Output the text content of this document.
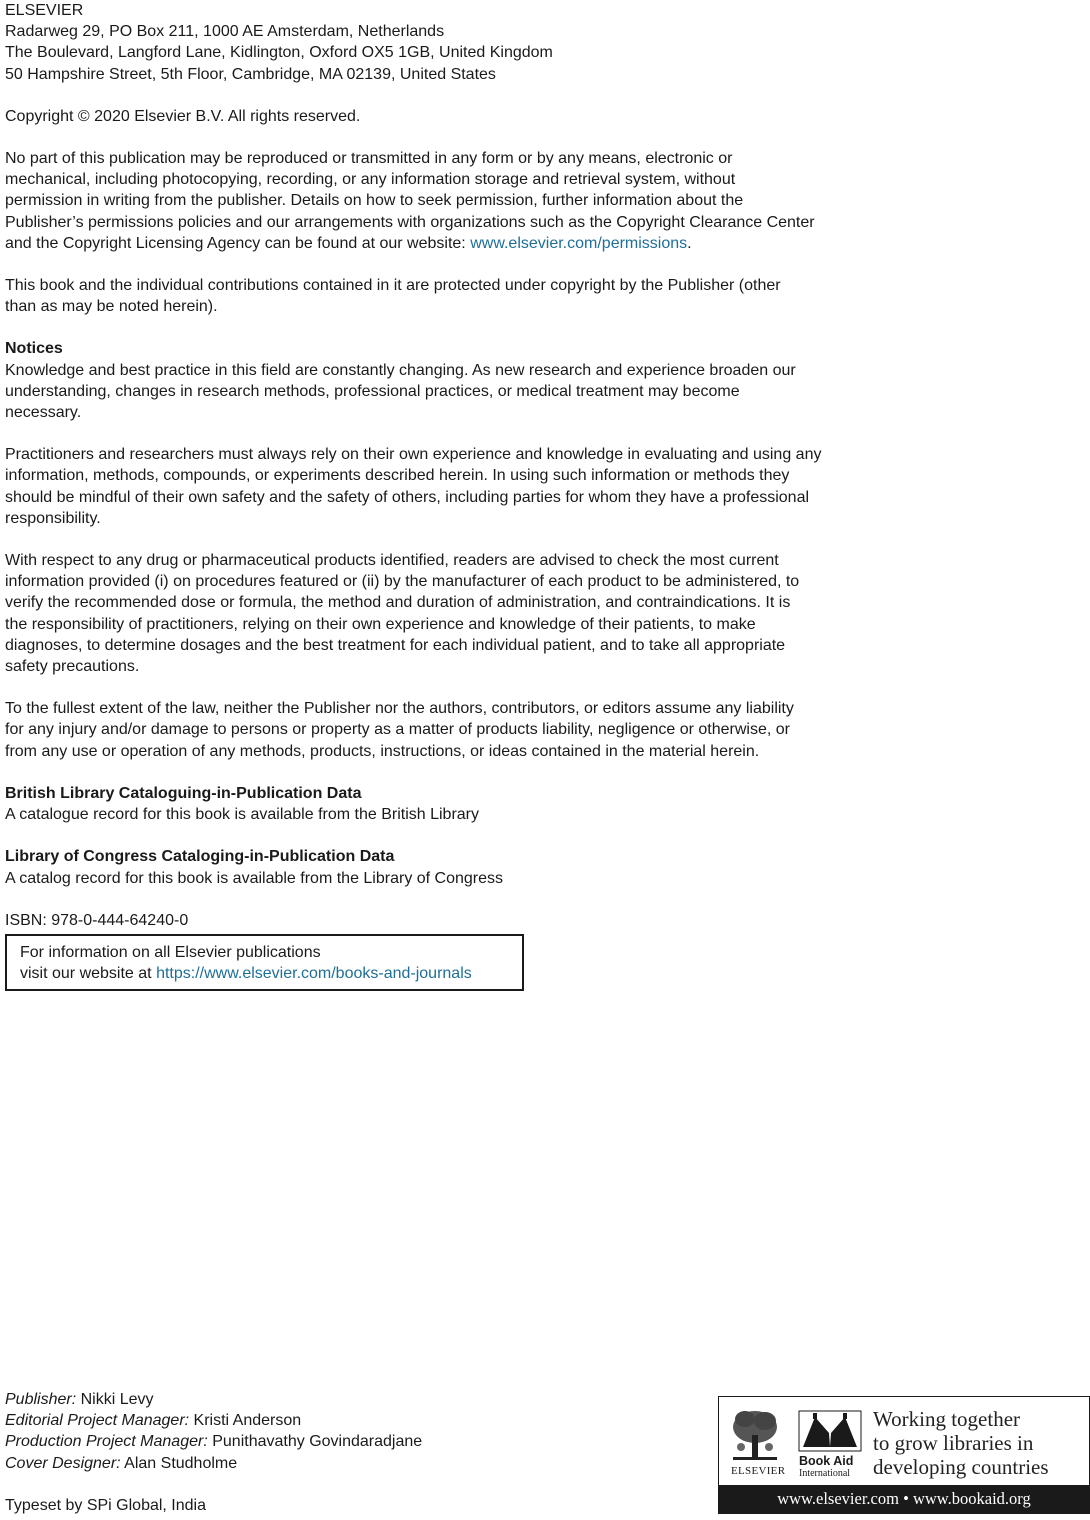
ELSEVIER
Radarweg 29, PO Box 211, 1000 AE Amsterdam, Netherlands
The Boulevard, Langford Lane, Kidlington, Oxford OX5 1GB, United Kingdom
50 Hampshire Street, 5th Floor, Cambridge, MA 02139, United States
Copyright © 2020 Elsevier B.V. All rights reserved.
No part of this publication may be reproduced or transmitted in any form or by any means, electronic or
mechanical, including photocopying, recording, or any information storage and retrieval system, without
permission in writing from the publisher. Details on how to seek permission, further information about the
Publisher’s permissions policies and our arrangements with organizations such as the Copyright Clearance Center
and the Copyright Licensing Agency can be found at our website: www.elsevier.com/permissions.
This book and the individual contributions contained in it are protected under copyright by the Publisher (other
than as may be noted herein).
Notices
Knowledge and best practice in this field are constantly changing. As new research and experience broaden our
understanding, changes in research methods, professional practices, or medical treatment may become
necessary.
Practitioners and researchers must always rely on their own experience and knowledge in evaluating and using any
information, methods, compounds, or experiments described herein. In using such information or methods they
should be mindful of their own safety and the safety of others, including parties for whom they have a professional
responsibility.
With respect to any drug or pharmaceutical products identified, readers are advised to check the most current
information provided (i) on procedures featured or (ii) by the manufacturer of each product to be administered, to
verify the recommended dose or formula, the method and duration of administration, and contraindications. It is
the responsibility of practitioners, relying on their own experience and knowledge of their patients, to make
diagnoses, to determine dosages and the best treatment for each individual patient, and to take all appropriate
safety precautions.
To the fullest extent of the law, neither the Publisher nor the authors, contributors, or editors assume any liability
for any injury and/or damage to persons or property as a matter of products liability, negligence or otherwise, or
from any use or operation of any methods, products, instructions, or ideas contained in the material herein.
British Library Cataloguing-in-Publication Data
A catalogue record for this book is available from the British Library
Library of Congress Cataloging-in-Publication Data
A catalog record for this book is available from the Library of Congress
ISBN: 978-0-444-64240-0
For information on all Elsevier publications
visit our website at https://www.elsevier.com/books-and-journals
Publisher: Nikki Levy
Editorial Project Manager: Kristi Anderson
Production Project Manager: Punithavathy Govindaradjane
Cover Designer: Alan Studholme
Typeset by SPi Global, India
ELSEVIER
Book Aid
International
Working together
to grow libraries in
developing countries
www.elsevier.com • www.bookaid.org
